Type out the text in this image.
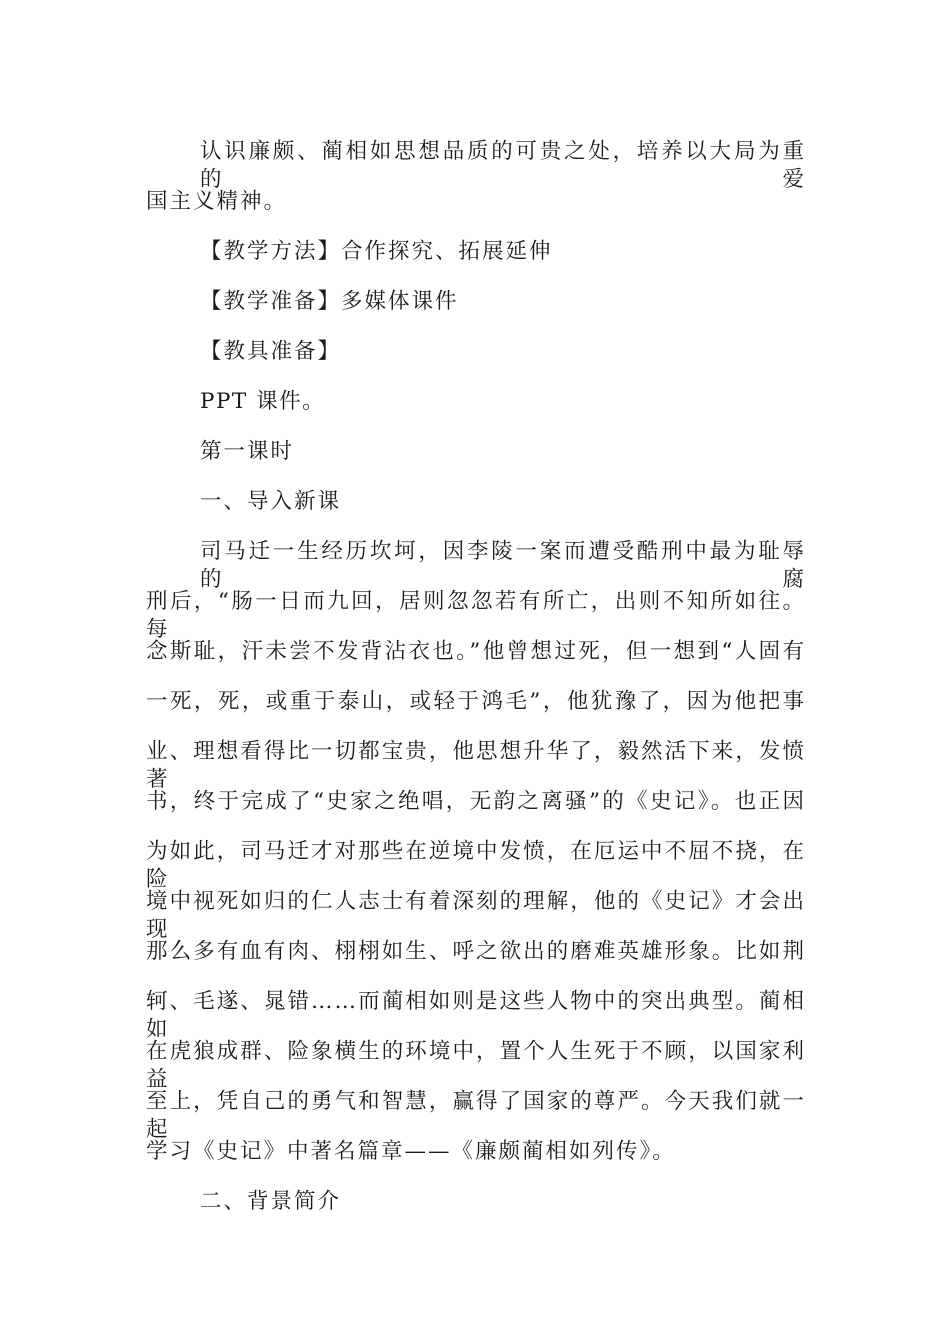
认识廉颇、蔺相如思想品质的可贵之处，培养以大局为重的爱
国主义精神。
【教学方法】合作探究、拓展延伸
【教学准备】多媒体课件
【教具准备】
PPT 课件。
第一课时
一、导入新课
司马迁一生经历坎坷，因李陵一案而遭受酷刑中最为耻辱的腐
刑后，“肠一日而九回，居则忽忽若有所亡，出则不知所如往。每
念斯耻，汗未尝不发背沾衣也。”他曾想过死，但一想到“人固有
一死，死，或重于泰山，或轻于鸿毛”，他犹豫了，因为他把事
业、理想看得比一切都宝贵，他思想升华了，毅然活下来，发愤著
书，终于完成了“史家之绝唱，无韵之离骚”的《史记》。也正因
为如此，司马迁才对那些在逆境中发愤，在厄运中不屈不挠，在险
境中视死如归的仁人志士有着深刻的理解，他的《史记》才会出现
那么多有血有肉、栩栩如生、呼之欲出的磨难英雄形象。比如荆
轲、毛遂、晁错……而蔺相如则是这些人物中的突出典型。蔺相如
在虎狼成群、险象横生的环境中，置个人生死于不顾，以国家利益
至上，凭自己的勇气和智慧，赢得了国家的尊严。今天我们就一起
学习《史记》中著名篇章——《廉颇蔺相如列传》。
二、背景简介
